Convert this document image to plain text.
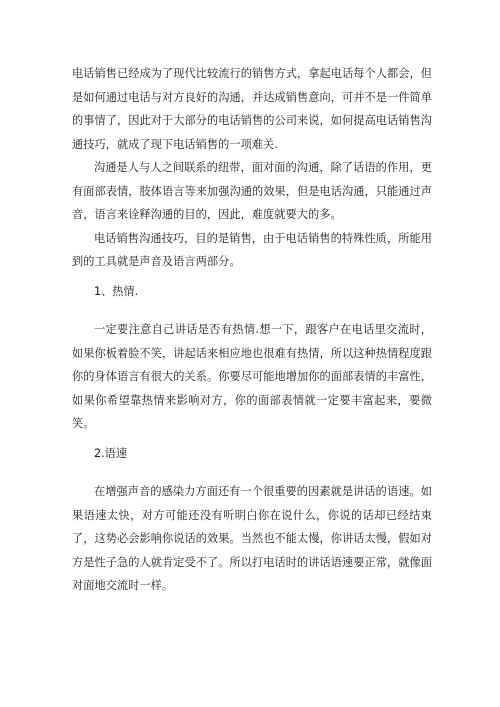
电话销售已经成为了现代比较流行的销售方式，拿起电话每个人都会，但是如何通过电话与对方良好的沟通，并达成销售意向，可并不是一件简单的事情了，因此对于大部分的电话销售的公司来说，如何提高电话销售沟通技巧，就成了现下电话销售的一项难关.

沟通是人与人之间联系的纽带，面对面的沟通，除了话语的作用，更有面部表情，肢体语言等来加强沟通的效果，但是电话沟通，只能通过声音，语言来诠释沟通的目的，因此，难度就要大的多。

电话销售沟通技巧，目的是销售，由于电话销售的特殊性质，所能用到的工具就是声音及语言两部分。

1、热情.

一定要注意自己讲话是否有热情.想一下，跟客户在电话里交流时，如果你板着脸不笑，讲起话来相应地也很难有热情，所以这种热情程度跟你的身体语言有很大的关系。你要尽可能地增加你的面部表情的丰富性，如果你希望靠热情来影响对方，你的面部表情就一定要丰富起来，要微笑。

2.语速

在增强声音的感染力方面还有一个很重要的因素就是讲话的语速。如果语速太快，对方可能还没有听明白你在说什么，你说的话却已经结束了，这势必会影响你说话的效果。当然也不能太慢，你讲话太慢，假如对方是性子急的人就肯定受不了。所以打电话时的讲话语速要正常，就像面对面地交流时一样。
